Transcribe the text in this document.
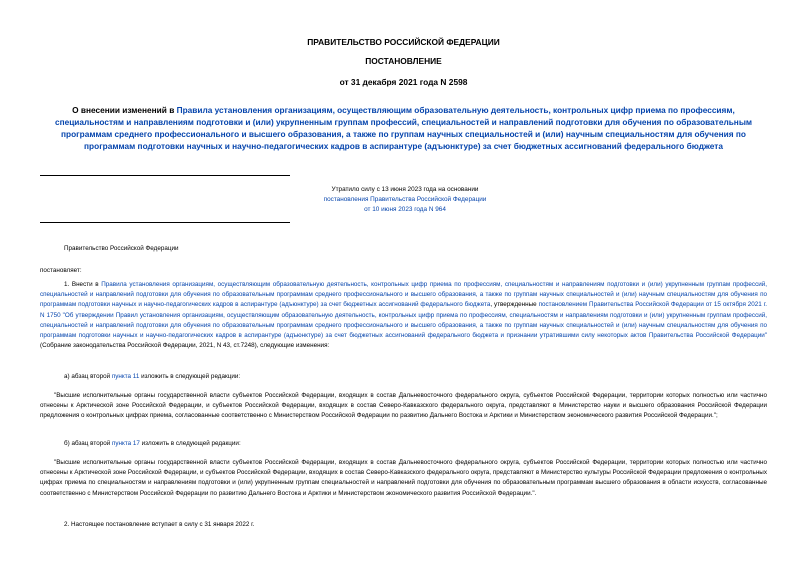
ПРАВИТЕЛЬСТВО РОССИЙСКОЙ ФЕДЕРАЦИИ
ПОСТАНОВЛЕНИЕ
от 31 декабря 2021 года N 2598
О внесении изменений в Правила установления организациям, осуществляющим образовательную деятельность, контрольных цифр приема по профессиям, специальностям и направлениям подготовки и (или) укрупненным группам профессий, специальностей и направлений подготовки для обучения по образовательным программам среднего профессионального и высшего образования, а также по группам научных специальностей и (или) научным специальностям для обучения по программам подготовки научных и научно-педагогических кадров в аспирантуре (адъюнктуре) за счет бюджетных ассигнований федерального бюджета
Утратило силу с 13 июня 2023 года на основании
постановления Правительства Российской Федерации
от 10 июня 2023 года N 964
Правительство Российской Федерации
постановляет:
1. Внести в Правила установления организациям, осуществляющим образовательную деятельность, контрольных цифр приема по профессиям, специальностям и направлениям подготовки и (или) укрупненным группам профессий, специальностей и направлений подготовки для обучения по образовательным программам среднего профессионального и высшего образования, а также по группам научных специальностей и (или) научным специальностям для обучения по программам подготовки научных и научно-педагогических кадров в аспирантуре (адъюнктуре) за счет бюджетных ассигнований федерального бюджета, утвержденные постановлением Правительства Российской Федерации от 15 октября 2021 г. N 1750 "Об утверждении Правил установления организациям, осуществляющим образовательную деятельность, контрольных цифр приема по профессиям, специальностям и направлениям подготовки и (или) укрупненным группам профессий, специальностей и направлений подготовки для обучения по образовательным программам среднего профессионального и высшего образования, а также по группам научных специальностей и (или) научным специальностям для обучения по программам подготовки научных и научно-педагогических кадров в аспирантуре (адъюнктуре) за счет бюджетных ассигнований федерального бюджета и признании утратившими силу некоторых актов Правительства Российской Федерации" (Собрание законодательства Российской Федерации, 2021, N 43, ст.7248), следующие изменения:
а) абзац второй пункта 11 изложить в следующей редакции:
"Высшие исполнительные органы государственной власти субъектов Российской Федерации, входящих в состав Дальневосточного федерального округа, субъектов Российской Федерации, территории которых полностью или частично отнесены к Арктической зоне Российской Федерации, и субъектов Российской Федерации, входящих в состав Северо-Кавказского федерального округа, представляют в Министерство науки и высшего образования Российской Федерации предложения о контрольных цифрах приема, согласованные соответственно с Министерством Российской Федерации по развитию Дальнего Востока и Арктики и Министерством экономического развития Российской Федерации.";
б) абзац второй пункта 17 изложить в следующей редакции:
"Высшие исполнительные органы государственной власти субъектов Российской Федерации, входящих в состав Дальневосточного федерального округа, субъектов Российской Федерации, территории которых полностью или частично отнесены к Арктической зоне Российской Федерации, и субъектов Российской Федерации, входящих в состав Северо-Кавказского федерального округа, представляют в Министерство культуры Российской Федерации предложения о контрольных цифрах приема по специальностям и направлениям подготовки и (или) укрупненным группам специальностей и направлений подготовки для обучения по образовательным программам высшего образования в области искусств, согласованные соответственно с Министерством Российской Федерации по развитию Дальнего Востока и Арктики и Министерством экономического развития Российской Федерации.".
2. Настоящее постановление вступает в силу с 31 января 2022 г.
